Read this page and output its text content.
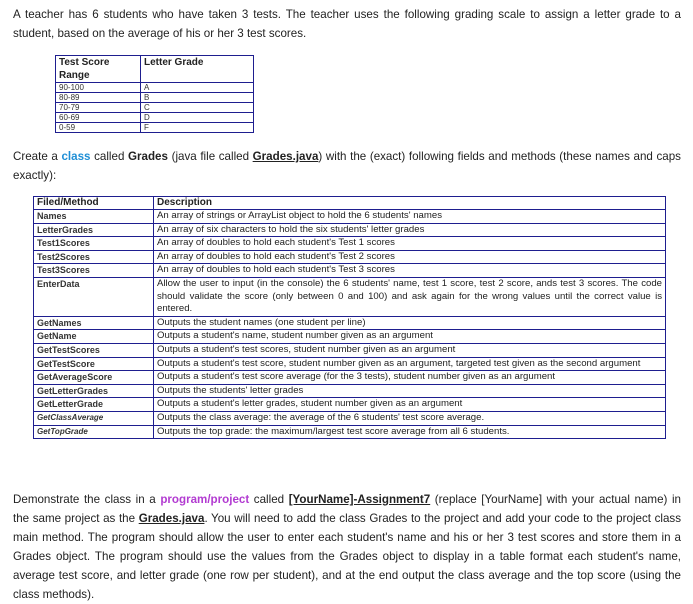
A teacher has 6 students who have taken 3 tests. The teacher uses the following grading scale to assign a letter grade to a student, based on the average of his or her 3 test scores.

Test Score Range	Letter Grade
90-100	A
80-89	B
70-79	C
60-69	D
0-59	F

Create a class called Grades (java file called Grades.java) with the (exact) following fields and methods (these names and caps exactly):

Filed/Method	Description
Names	An array of strings or ArrayList object to hold the 6 students' names
LetterGrades	An array of six characters to hold the six students' letter grades
Test1Scores	An array of doubles to hold each student's Test 1 scores
Test2Scores	An array of doubles to hold each student's Test 2 scores
Test3Scores	An array of doubles to hold each student's Test 3 scores
EnterData	Allow the user to input (in the console) the 6 students' name, test 1 score, test 2 score, ands test 3 scores. The code should validate the score (only between 0 and 100) and ask again for the wrong values until the correct value is entered.
GetNames	Outputs the student names (one student per line)
GetName	Outputs a student's name, student number given as an argument
GetTestScores	Outputs a student's test scores, student number given as an argument
GetTestScore	Outputs a student's test score, student number given as an argument, targeted test given as the second argument
GetAverageScore	Outputs a student's test score average (for the 3 tests), student number given as an argument
GetLetterGrades	Outputs the students' letter grades
GetLetterGrade	Outputs a student's letter grades, student number given as an argument
GetClassAverage	Outputs the class average: the average of the 6 students' test score average.
GetTopGrade	Outputs the top grade: the maximum/largest test score average from all 6 students.

Demonstrate the class in a program/project called [YourName]-Assignment7 (replace [YourName] with your actual name) in the same project as the Grades.java. You will need to add the class Grades to the project and add your code to the project class main method. The program should allow the user to enter each student's name and his or her 3 test scores and store them in a Grades object. The program should use the values from the Grades object to display in a table format each student's name, average test score, and letter grade (one row per student), and at the end output the class average and the top score (using the class methods).
